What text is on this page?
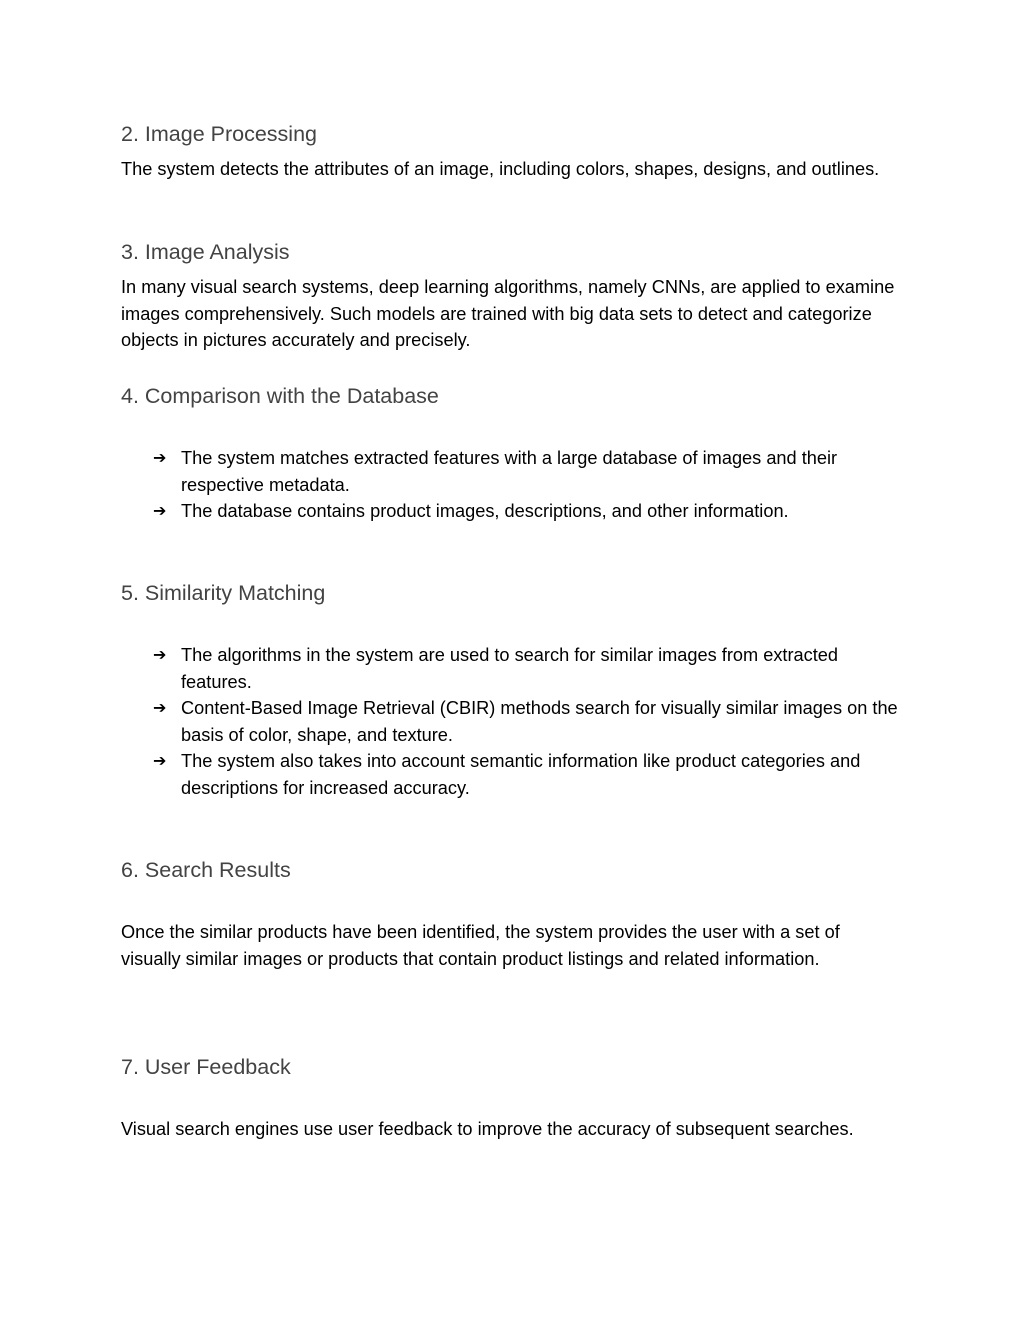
2. Image Processing

The system detects the attributes of an image, including colors, shapes, designs, and outlines.

3. Image Analysis

In many visual search systems, deep learning algorithms, namely CNNs, are applied to examine images comprehensively. Such models are trained with big data sets to detect and categorize objects in pictures accurately and precisely.

4. Comparison with the Database
➔ The system matches extracted features with a large database of images and their respective metadata.
➔ The database contains product images, descriptions, and other information.
5. Similarity Matching
➔ The algorithms in the system are used to search for similar images from extracted features.
➔ Content-Based Image Retrieval (CBIR) methods search for visually similar images on the basis of color, shape, and texture.
➔ The system also takes into account semantic information like product categories and descriptions for increased accuracy.
6. Search Results

Once the similar products have been identified, the system provides the user with a set of visually similar images or products that contain product listings and related information.

7. User Feedback

Visual search engines use user feedback to improve the accuracy of subsequent searches.
